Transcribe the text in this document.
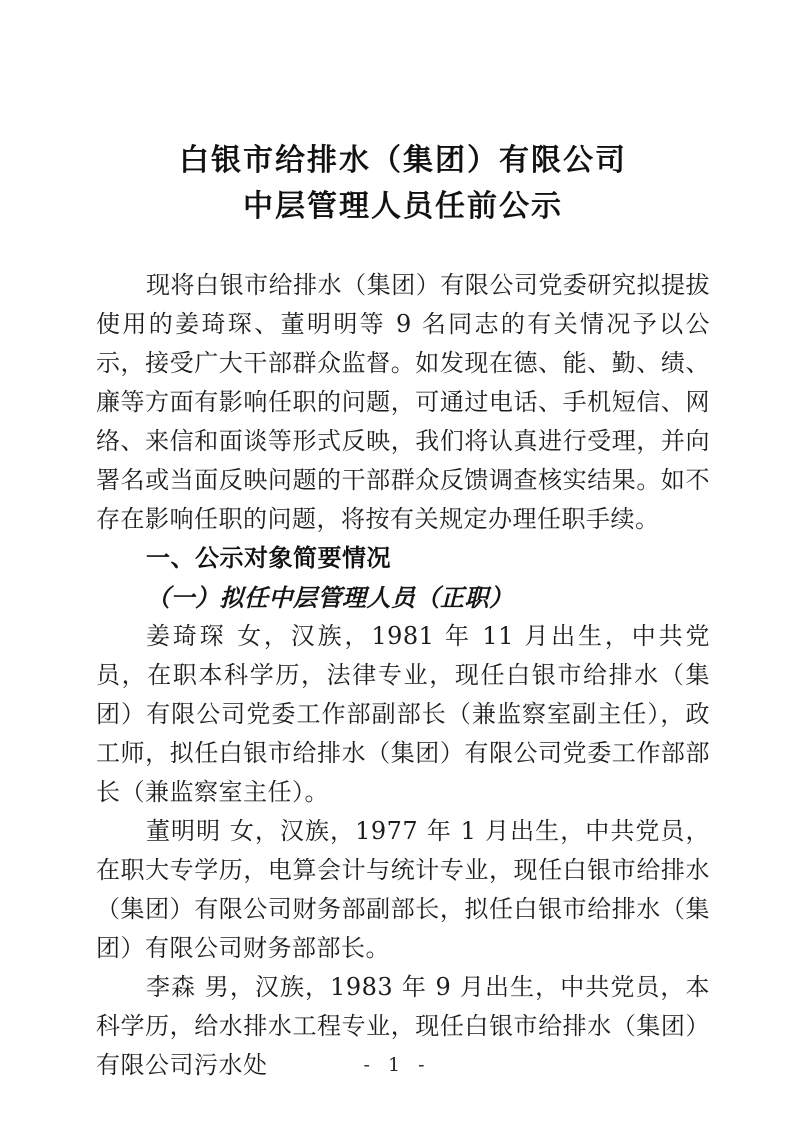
白银市给排水（集团）有限公司
中层管理人员任前公示

现将白银市给排水（集团）有限公司党委研究拟提拔使用的姜琦琛、董明明等 9 名同志的有关情况予以公示，接受广大干部群众监督。如发现在德、能、勤、绩、廉等方面有影响任职的问题，可通过电话、手机短信、网络、来信和面谈等形式反映，我们将认真进行受理，并向署名或当面反映问题的干部群众反馈调查核实结果。如不存在影响任职的问题，将按有关规定办理任职手续。

一、公示对象简要情况
（一）拟任中层管理人员（正职）

姜琦琛 女，汉族，1981 年 11 月出生，中共党员，在职本科学历，法律专业，现任白银市给排水（集团）有限公司党委工作部副部长（兼监察室副主任），政工师，拟任白银市给排水（集团）有限公司党委工作部部长（兼监察室主任）。

董明明 女，汉族，1977 年 1 月出生，中共党员，在职大专学历，电算会计与统计专业，现任白银市给排水（集团）有限公司财务部副部长，拟任白银市给排水（集团）有限公司财务部部长。

李森 男，汉族，1983 年 9 月出生，中共党员，本科学历，给水排水工程专业，现任白银市给排水（集团）有限公司污水处	- 1 -
